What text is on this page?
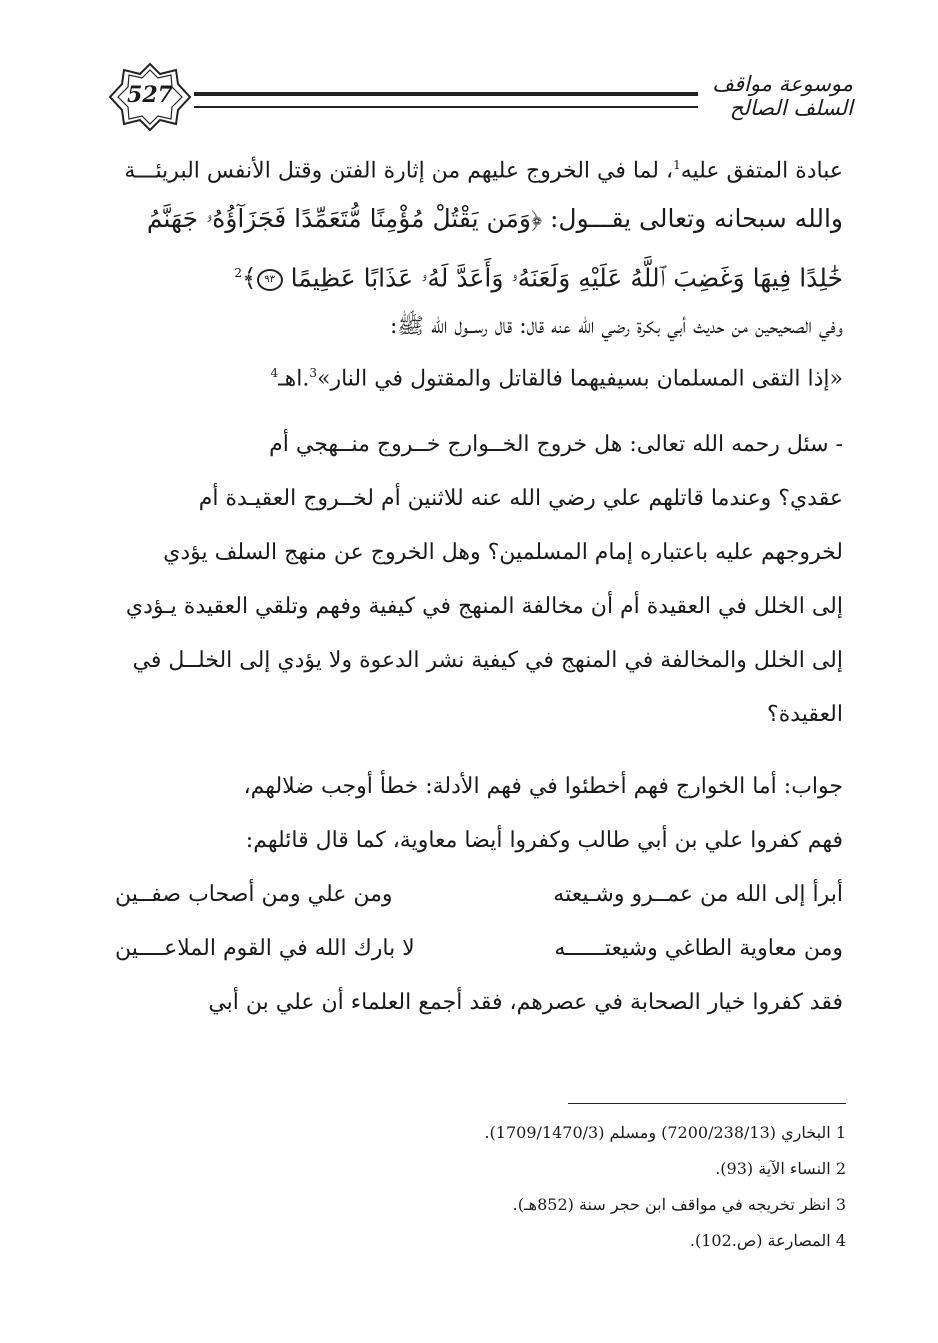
527	موسوعة مواقف السلف الصالح
عبادة المتفق عليه$^1$، لما في الخروج عليهم من إثارة الفتن وقتل الأنفس البريئـــة
والله سبحانه وتعالى يقـــول: ﴿وَمَن يَقْتُلْ مُؤْمِنًا مُّتَعَمِّدًا فَجَزَآؤُهُۥ جَهَنَّمُ
خَٰلِدًا فِيهَا وَغَضِبَ ٱللَّهُ عَلَيْهِ وَلَعَنَهُۥ وَأَعَدَّ لَهُۥ عَذَابًا عَظِيمًا ٩٣﴾$^2$
وفي الصحيحين من حديث أبي بكرة رضي الله عنه قال: قال رســول الله ﷺ:
«إذا التقى المسلمان بسيفيهما فالقاتل والمقتول في النار»$^3$.اهـ$^4$
- سئل رحمه الله تعالى: هل خروج الخــوارج خــروج منــهجي أم
عقدي؟ وعندما قاتلهم علي رضي الله عنه للاثنين أم لخــروج العقيـدة أم
لخروجهم عليه باعتباره إمام المسلمين؟ وهل الخروج عن منهج السلف يؤدي
إلى الخلل في العقيدة أم أن مخالفة المنهج في كيفية وفهم وتلقي العقيدة يـؤدي
إلى الخلل والمخالفة في المنهج في كيفية نشر الدعوة ولا يؤدي إلى الخلــل في
العقيدة؟
جواب: أما الخوارج فهم أخطئوا في فهم الأدلة: خطأ أوجب ضلالهم،
فهم كفروا علي بن أبي طالب وكفروا أيضا معاوية، كما قال قائلهم:
أبرأ إلى الله من عمــرو وشـيعته
ومن علي ومن أصحاب صفــين
ومن معاوية الطاغي وشيعتــــــه
لا بارك الله في القوم الملاعــــين
فقد كفروا خيار الصحابة في عصرهم، فقد أجمع العلماء أن علي بن أبي
1 البخاري (7200/238/13) ومسلم (1709/1470/3).
2 النساء الآية (93).
3 انظر تخريجه في مواقف ابن حجر سنة (852هـ).
4 المصارعة (ص.102).
